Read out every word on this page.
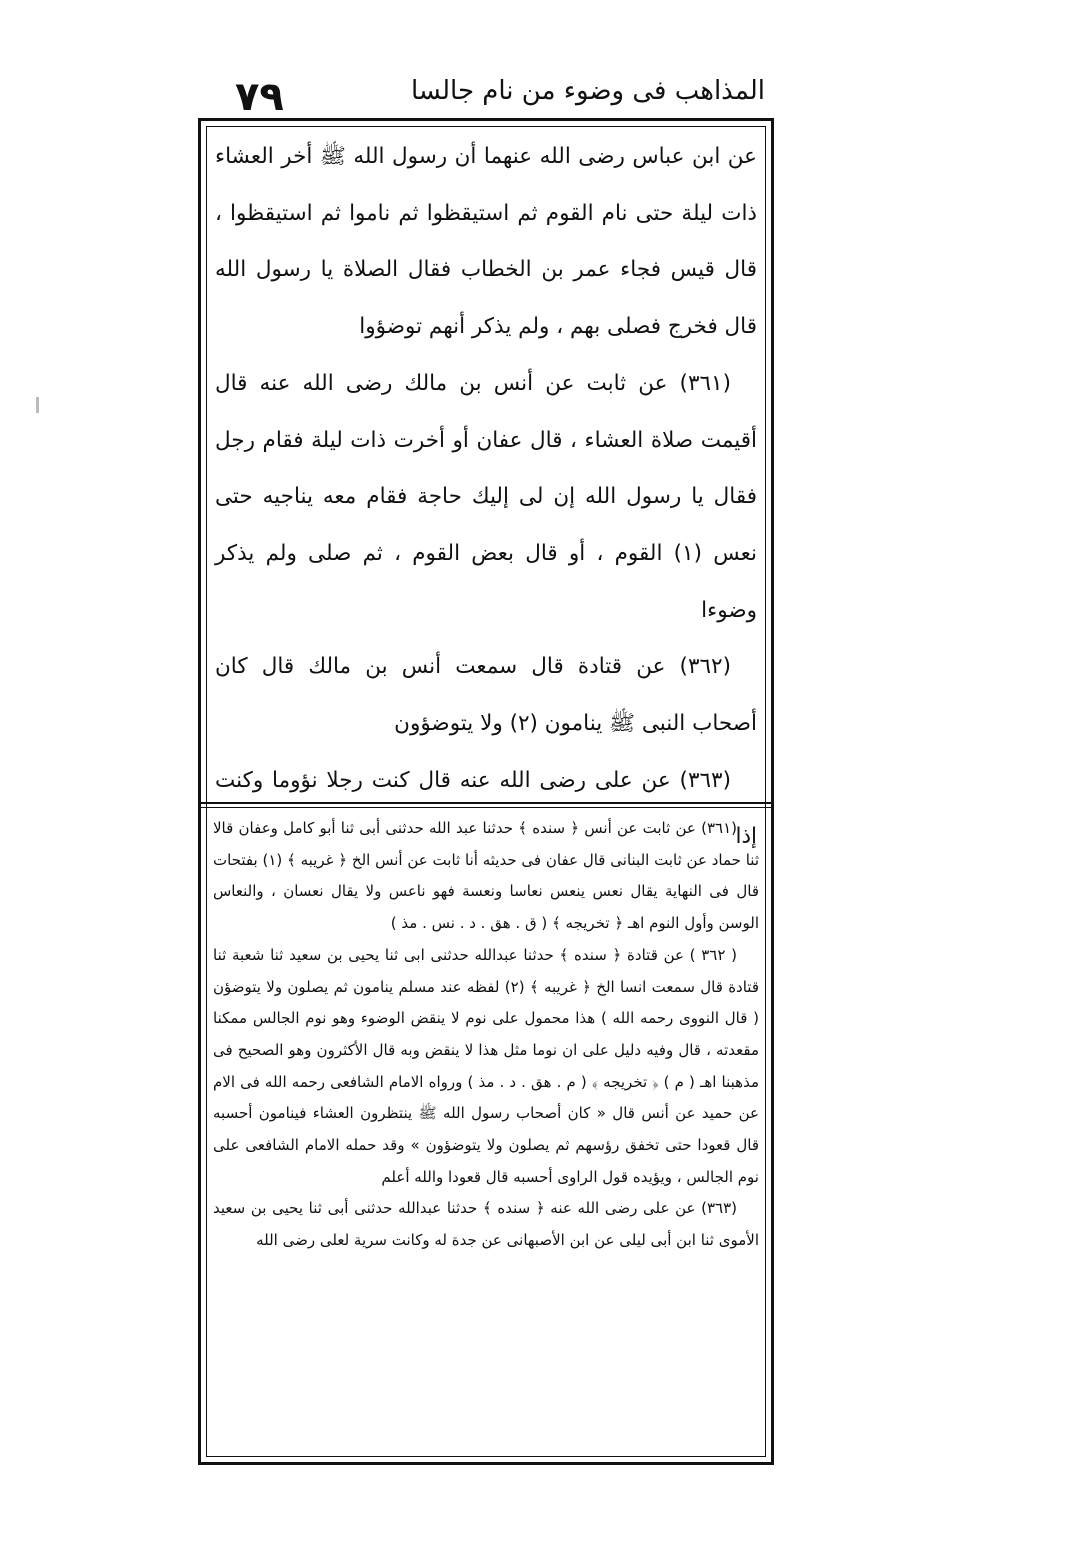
٧٩	المذاهب فى وضوء من نام جالسا

عن ابن عباس رضى الله عنهما أن رسول الله ﷺ أخر العشاء ذات ليلة حتى نام القوم ثم استيقظوا ثم ناموا ثم استيقظوا ، قال قيس فجاء عمر بن الخطاب فقال الصلاة يا رسول الله قال فخرج فصلى بهم ، ولم يذكر أنهم توضؤوا

(٣٦١) عن ثابت عن أنس بن مالك رضى الله عنه قال أقيمت صلاة العشاء ، قال عفان أو أخرت ذات ليلة فقام رجل فقال يا رسول الله إن لى إليك حاجة فقام معه يناجيه حتى نعس (١) القوم ، أو قال بعض القوم ، ثم صلى ولم يذكر وضوءا

(٣٦٢) عن قتادة قال سمعت أنس بن مالك قال كان أصحاب النبى ﷺ ينامون (٢) ولا يتوضؤون

(٣٦٣) عن على رضى الله عنه قال كنت رجلا نؤوما وكنت إذا

(٣٦١) عن ثابت عن أنس ﴿ سنده ﴾ حدثنا عبد الله حدثنى أبى ثنا أبو كامل وعفان قالا ثنا حماد عن ثابت البنانى قال عفان فى حديثه أنا ثابت عن أنس الخ ﴿ غريبه ﴾ (١) بفتحات قال فى النهاية يقال نعس ينعس نعاسا ونعسة فهو ناعس ولا يقال نعسان ، والنعاس الوسن وأول النوم اهـ ﴿ تخريجه ﴾ ( ق . هق . د . نس . مذ )

( ٣٦٢ ) عن قتادة ﴿ سنده ﴾ حدثنا عبدالله حدثنى ابى ثنا يحيى بن سعيد ثنا شعبة ثنا قتادة قال سمعت انسا الخ ﴿ غريبه ﴾ (٢) لفظه عند مسلم ينامون ثم يصلون ولا يتوضؤن ( قال النووى رحمه الله ) هذا محمول على نوم لا ينقض الوضوء وهو نوم الجالس ممكنا مقعدته ، قال وفيه دليل على ان نوما مثل هذا لا ينقض وبه قال الأكثرون وهو الصحيح فى مذهبنا اهـ ( م ) ﴿ تخريجه ﴾ ( م . هق . د . مذ ) ورواه الامام الشافعى رحمه الله فى الام عن حميد عن أنس قال « كان أصحاب رسول الله ﷺ ينتظرون العشاء فينامون أحسبه قال قعودا حتى تخفق رؤسهم ثم يصلون ولا يتوضؤون » وقد حمله الامام الشافعى على نوم الجالس ، ويؤيده قول الراوى أحسبه قال قعودا والله أعلم

(٣٦٣) عن على رضى الله عنه ﴿ سنده ﴾ حدثنا عبدالله حدثنى أبى ثنا يحيى بن سعيد الأموى ثنا ابن أبى ليلى عن ابن الأصبهانى عن جدة له وكانت سرية لعلى رضى الله
